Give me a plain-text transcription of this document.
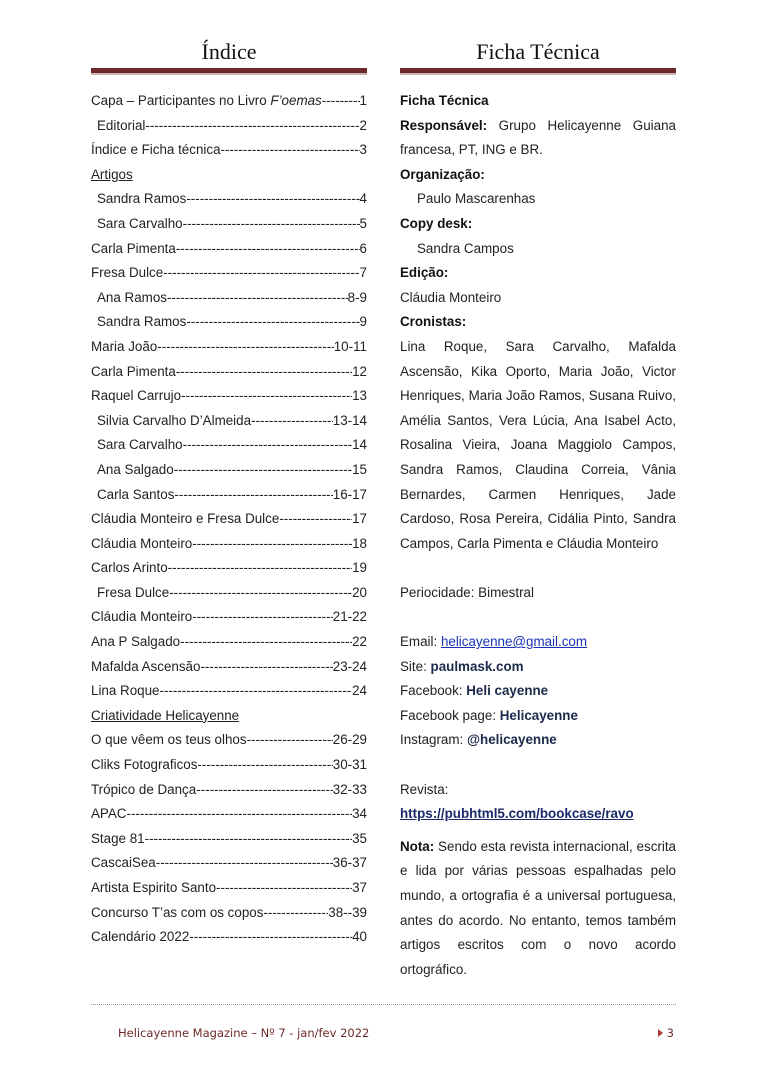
Índice
Capa – Participantes no Livro F’oemas -----	1
Editorial -----	2
Índice e Ficha técnica -----	3
Artigos
Sandra Ramos -----	4
Sara Carvalho -----	5
Carla Pimenta -----	6
Fresa Dulce -----	7
Ana Ramos -----	8-9
Sandra Ramos -----	9
Maria João -----	10-11
Carla Pimenta -----	12
Raquel Carrujo -----	13
Silvia Carvalho D’Almeida -----	13-14
Sara Carvalho -----	14
Ana Salgado -----	15
Carla Santos -----	16-17
Cláudia Monteiro e Fresa Dulce -----	17
Cláudia Monteiro -----	18
Carlos Arinto -----	19
Fresa Dulce -----	20
Cláudia Monteiro -----	21-22
Ana P Salgado -----	22
Mafalda Ascensão -----	23-24
Lina Roque -----	24
Criatividade Helicayenne
O que vêem os teus olhos -----	26-29
Cliks Fotograficos -----	30-31
Trópico de Dança -----	32-33
APAC -----	34
Stage 81 -----	35
CascaiSea -----	36-37
Artista Espirito Santo -----	37
Concurso T’as com os copos -----	38--39
Calendário 2022 -----	40
Ficha Técnica
Ficha Técnica
Responsável: Grupo Helicayenne Guiana francesa, PT, ING e BR.
Organização:
Paulo Mascarenhas
Copy desk:
Sandra Campos
Edição:
Cláudia Monteiro
Cronistas:
Lina Roque, Sara Carvalho, Mafalda Ascensão, Kika Oporto, Maria João, Victor Henriques, Maria João Ramos, Susana Ruivo, Amélia Santos, Vera Lúcia, Ana Isabel Acto, Rosalina Vieira, Joana Maggiolo Campos, Sandra Ramos, Claudina Correia, Vânia Bernardes, Carmen Henriques, Jade Cardoso, Rosa Pereira, Cidália Pinto, Sandra Campos, Carla Pimenta e Cláudia Monteiro
Periocidade: Bimestral
Email: helicayenne@gmail.com
Site: paulmask.com
Facebook: Heli cayenne
Facebook page: Helicayenne
Instagram: @helicayenne
Revista:
https://pubhtml5.com/bookcase/ravo
Nota: Sendo esta revista internacional, escrita e lida por várias pessoas espalhadas pelo mundo, a ortografia é a universal portuguesa, antes do acordo. No entanto, temos também artigos escritos com o novo acordo ortográfico.
Helicayenne Magazine – Nº 7 - jan/fev 2022	3
